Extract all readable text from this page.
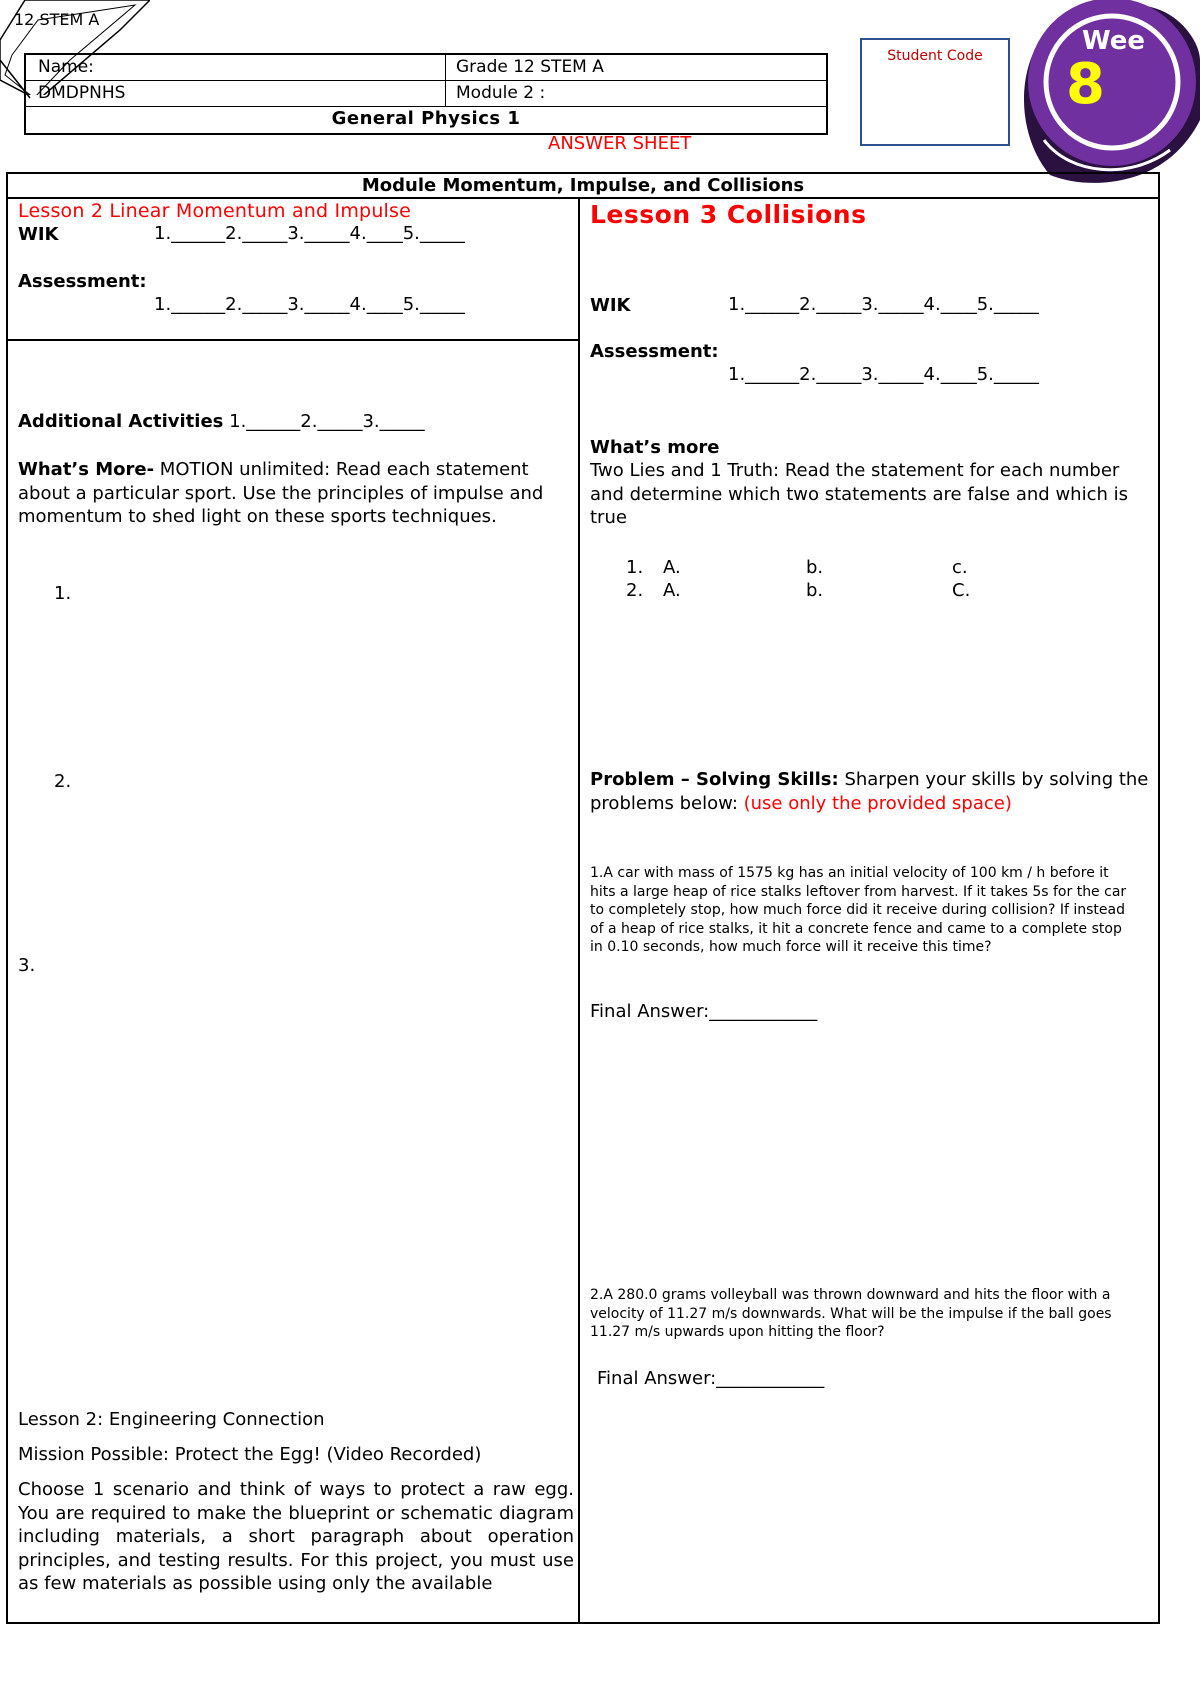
12 STEM A
Name:	Grade 12 STEM A
DMDPNHS	Module 2 :
General Physics 1
ANSWER SHEET
Student Code	Wee
8
Module Momentum, Impulse, and Collisions
Lesson 2 Linear Momentum and Impulse
WIK	1.______2._____3._____4.____5._____
Assessment:
1.______2._____3._____4.____5._____
Additional Activities 1.______2._____3._____
What’s More- MOTION unlimited: Read each statement about a particular sport. Use the principles of impulse and momentum to shed light on these sports techniques.
1.
2.
3.
Lesson 2: Engineering Connection
Mission Possible: Protect the Egg! (Video Recorded)
Choose 1 scenario and think of ways to protect a raw egg. You are required to make the blueprint or schematic diagram including materials, a short paragraph about operation principles, and testing results. For this project, you must use as few materials as possible using only the available
Lesson 3 Collisions
WIK	1.______2._____3._____4.____5._____
Assessment:
1.______2._____3._____4.____5._____
What’s more
Two Lies and 1 Truth: Read the statement for each number and determine which two statements are false and which is true
1. A.	b.	c.
2. A.	b.	C.
Problem – Solving Skills: Sharpen your skills by solving the problems below: (use only the provided space)
1.A car with mass of 1575 kg has an initial velocity of 100 km / h before it hits a large heap of rice stalks leftover from harvest. If it takes 5s for the car to completely stop, how much force did it receive during collision? If instead of a heap of rice stalks, it hit a concrete fence and came to a complete stop in 0.10 seconds, how much force will it receive this time?
Final Answer:____________
2.A 280.0 grams volleyball was thrown downward and hits the floor with a velocity of 11.27 m/s downwards. What will be the impulse if the ball goes 11.27 m/s upwards upon hitting the floor?
Final Answer:____________
